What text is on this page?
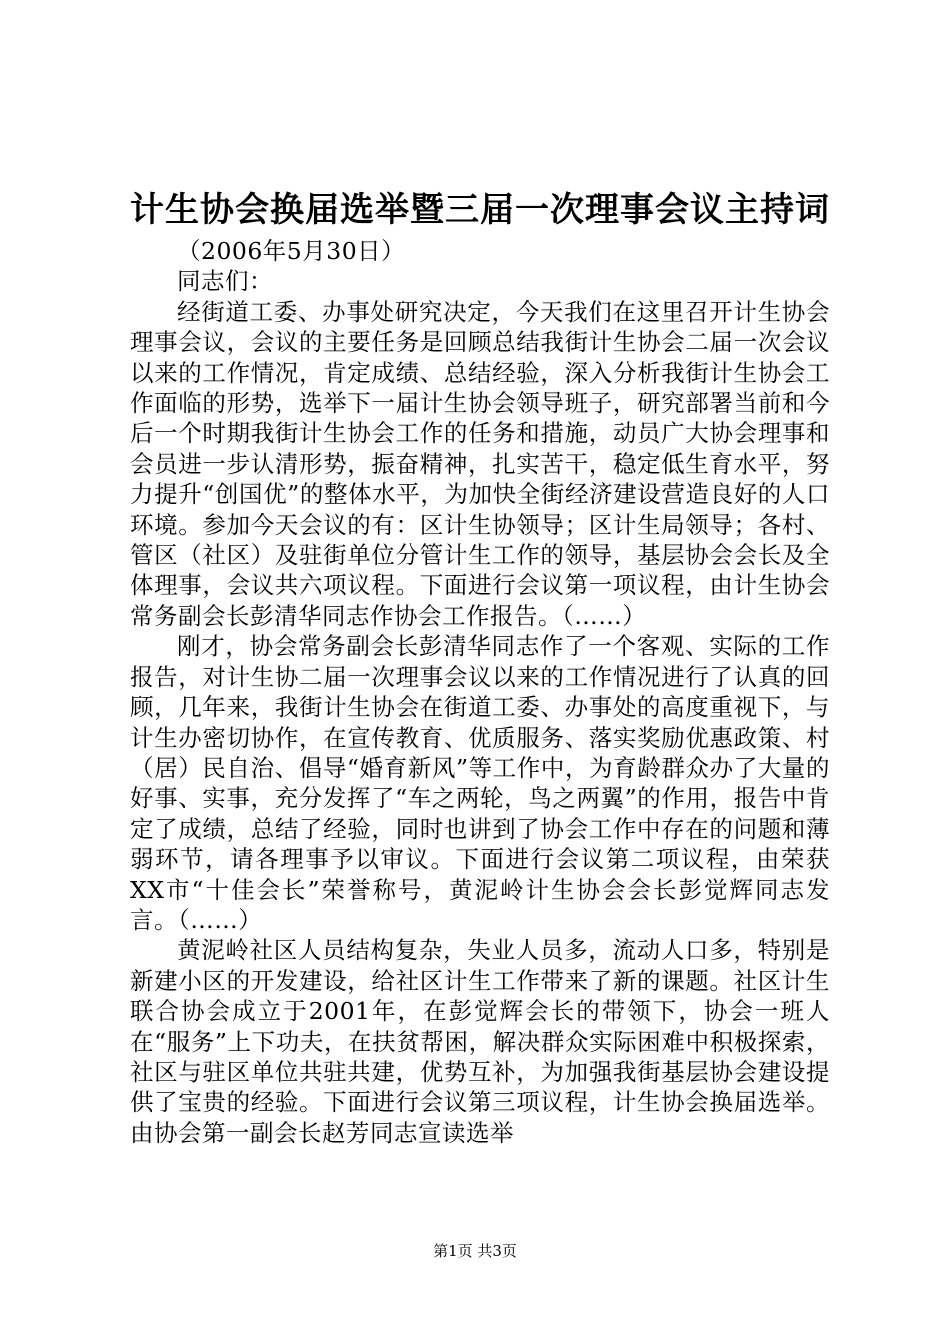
计生协会换届选举暨三届一次理事会议主持词

（2006年5月30日）

同志们：

经街道工委、办事处研究决定，今天我们在这里召开计生协会理事会议，会议的主要任务是回顾总结我街计生协会二届一次会议以来的工作情况，肯定成绩、总结经验，深入分析我街计生协会工作面临的形势，选举下一届计生协会领导班子，研究部署当前和今后一个时期我街计生协会工作的任务和措施，动员广大协会理事和会员进一步认清形势，振奋精神，扎实苦干，稳定低生育水平，努力提升“创国优”的整体水平，为加快全街经济建设营造良好的人口环境。参加今天会议的有：区计生协领导；区计生局领导；各村、管区（社区）及驻街单位分管计生工作的领导，基层协会会长及全体理事，会议共六项议程。下面进行会议第一项议程，由计生协会常务副会长彭清华同志作协会工作报告。（……）

刚才，协会常务副会长彭清华同志作了一个客观、实际的工作报告，对计生协二届一次理事会议以来的工作情况进行了认真的回顾，几年来，我街计生协会在街道工委、办事处的高度重视下，与计生办密切协作，在宣传教育、优质服务、落实奖励优惠政策、村（居）民自治、倡导“婚育新风”等工作中，为育龄群众办了大量的好事、实事，充分发挥了“车之两轮，鸟之两翼”的作用，报告中肯定了成绩，总结了经验，同时也讲到了协会工作中存在的问题和薄弱环节，请各理事予以审议。下面进行会议第二项议程，由荣获XX市“十佳会长”荣誉称号，黄泥岭计生协会会长彭觉辉同志发言。（……）

黄泥岭社区人员结构复杂，失业人员多，流动人口多，特别是新建小区的开发建设，给社区计生工作带来了新的课题。社区计生联合协会成立于2001年，在彭觉辉会长的带领下，协会一班人在“服务”上下功夫，在扶贫帮困，解决群众实际困难中积极探索，社区与驻区单位共驻共建，优势互补，为加强我街基层协会建设提供了宝贵的经验。下面进行会议第三项议程，计生协会换届选举。由协会第一副会长赵芳同志宣读选举

第1页 共3页
